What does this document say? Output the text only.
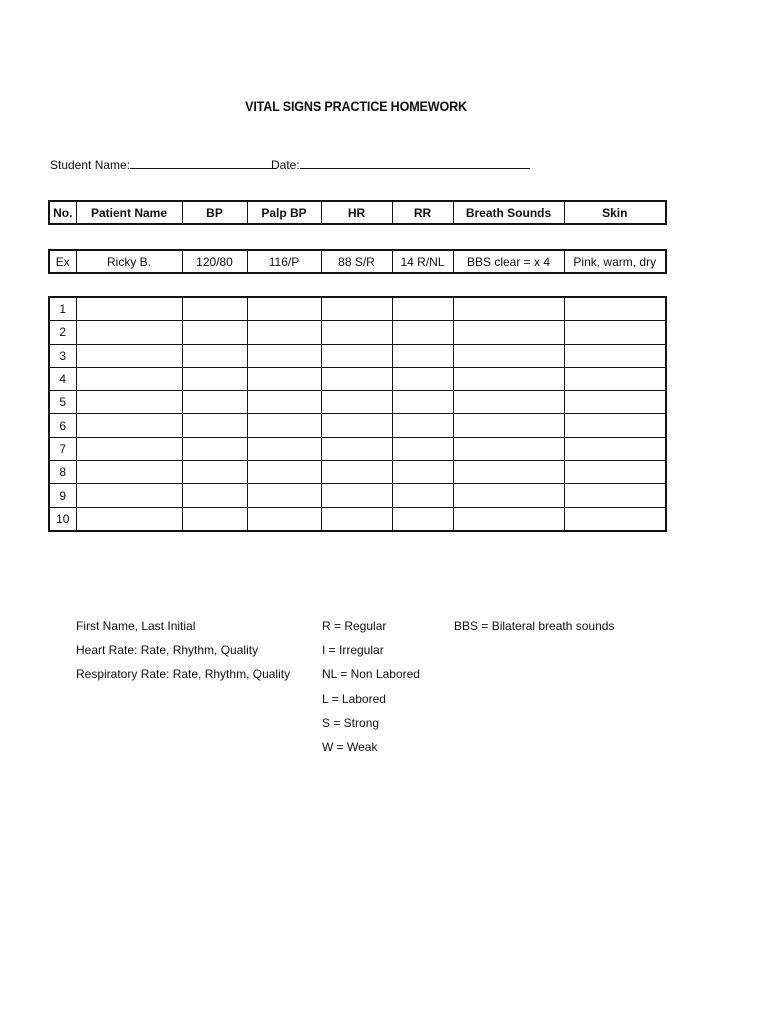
VITAL SIGNS PRACTICE HOMEWORK
Student Name:	Date:
No.	Patient Name	BP	Palp BP	HR	RR	Breath Sounds	Skin
Ex	Ricky B.	120/80	116/P	88 S/R	14 R/NL	BBS clear = x 4	Pink, warm, dry
1							
2							
3							
4							
5							
6							
7							
8							
9							
10							
First Name, Last Initial
Heart Rate: Rate, Rhythm, Quality
Respiratory Rate: Rate, Rhythm, Quality
R = Regular
I = Irregular
NL = Non Labored
L = Labored
S = Strong
W = Weak
BBS = Bilateral breath sounds
